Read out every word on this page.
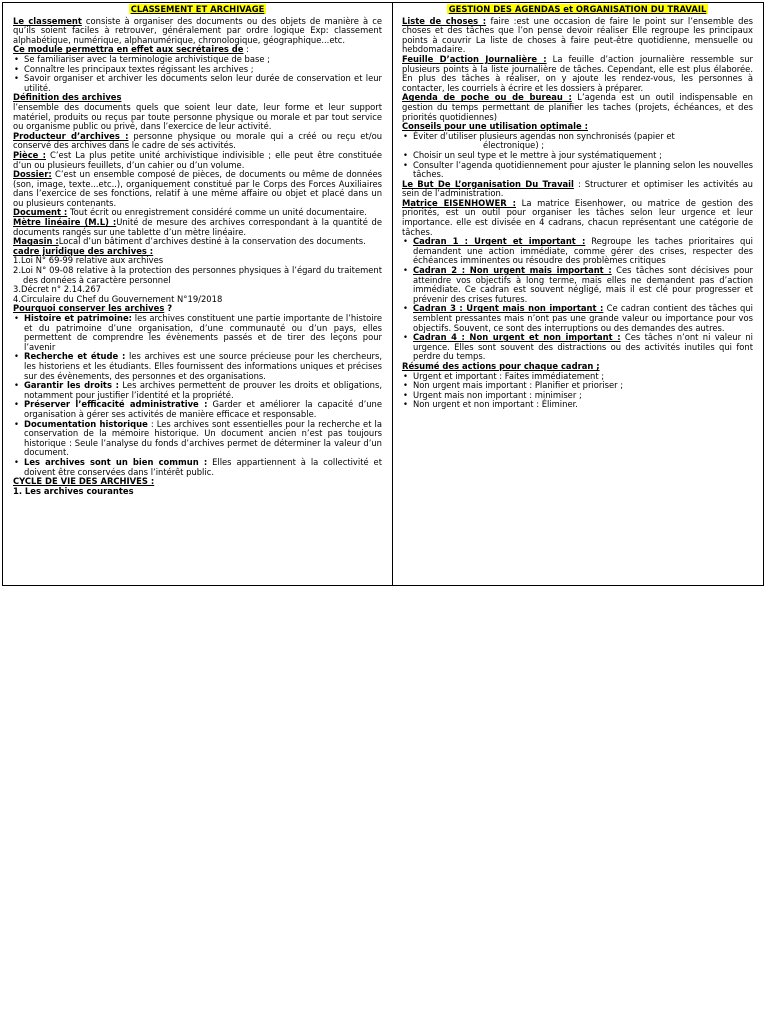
CLASSEMENT ET ARCHIVAGE

Le classement consiste à organiser des documents ou des objets de manière à ce qu’ils soient faciles à retrouver, généralement par ordre logique Exp: classement alphabétique, numérique, alphanumérique, chronologique, géographique...etc.

Ce module permettra en effet aux secrétaires de :

• Se familiariser avec la terminologie archivistique de base ;
• Connaître les principaux textes régissant les archives ;
• Savoir organiser et archiver les documents selon leur durée de conservation et leur utilité.

Définition des archives

l’ensemble des documents quels que soient leur date, leur forme et leur support matériel, produits ou reçus par toute personne physique ou morale et par tout service ou organisme public ou privé, dans l’exercice de leur activité.

Producteur d’archives : personne physique ou morale qui a créé ou reçu et/ou conservé des archives dans le cadre de ses activités.

Pièce : C’est La plus petite unité archivistique indivisible ; elle peut être constituée d’un ou plusieurs feuillets, d’un cahier ou d’un volume.

Dossier: C’est un ensemble composé de pièces, de documents ou même de données (son, image, texte...etc..), organiquement constitué par le Corps des Forces Auxiliaires dans l’exercice de ses fonctions, relatif à une même affaire ou objet et placé dans un ou plusieurs contenants.

Document : Tout écrit ou enregistrement considéré comme un unité documentaire.

Mètre linéaire (M.L) :Unité de mesure des archives correspondant à la quantité de documents rangés sur une tablette d’un mètre linéaire.

Magasin :Local d’un bâtiment d’archives destiné à la conservation des documents.

cadre juridique des archives :

1.Loi N° 69-99 relative aux archives
2.Loi N° 09-08 relative à la protection des personnes physiques à l’égard du traitement des données à caractère personnel
3.Décret n° 2.14.267
4.Circulaire du Chef du Gouvernement N°19/2018

Pourquoi conserver les archives ?

• Histoire et patrimoine: les archives constituent une partie importante de l’histoire et du patrimoine d’une organisation, d’une communauté ou d’un pays, elles permettent de comprendre les évènements passés et de tirer des leçons pour l’avenir
• Recherche et étude : les archives est une source précieuse pour les chercheurs, les historiens et les étudiants. Elles fournissent des informations uniques et précises sur des évènements, des personnes et des organisations.
• Garantir les droits : Les archives permettent de prouver les droits et obligations, notamment pour justifier l’identité et la propriété.
• Préserver l’efficacité administrative : Garder et améliorer la capacité d’une organisation à gérer ses activités de manière efficace et responsable.
• Documentation historique : Les archives sont essentielles pour la recherche et la conservation de la mémoire historique. Un document ancien n’est pas toujours historique : Seule l’analyse du fonds d’archives permet de déterminer la valeur d’un document.
• Les archives sont un bien commun : Elles appartiennent à la collectivité et doivent être conservées dans l’intérêt public.

CYCLE DE VIE DES ARCHIVES :

1. Les archives courantes

GESTION DES AGENDAS et ORGANISATION DU TRAVAIL

Liste de choses : faire :est une occasion de faire le point sur l’ensemble des choses et des tâches que l’on pense devoir réaliser Elle regroupe les principaux points à couvrir La liste de choses à faire peut-être quotidienne, mensuelle ou hebdomadaire.

Feuille D’action Journalière : La feuille d’action journalière ressemble sur plusieurs points à la liste journalière de tâches. Cependant, elle est plus élaborée. En plus des tâches à réaliser, on y ajoute les rendez-vous, les personnes à contacter, les courriels à écrire et les dossiers à préparer.

Agenda de poche ou de bureau : L’agenda est un outil indispensable en gestion du temps permettant de planifier les taches (projets, échéances, et des priorités quotidiennes)

Conseils pour une utilisation optimale :

• Éviter d’utiliser plusieurs agendas non synchronisés (papier et
électronique) ;
• Choisir un seul type et le mettre à jour systématiquement ;
• Consulter l’agenda quotidiennement pour ajuster le planning selon les nouvelles tâches.

Le But De L’organisation Du Travail : Structurer et optimiser les activités au sein de l’administration.

Matrice EISENHOWER : La matrice Eisenhower, ou matrice de gestion des priorités, est un outil pour organiser les tâches selon leur urgence et leur importance. elle est divisée en 4 cadrans, chacun représentant une catégorie de tâches.

• Cadran 1 : Urgent et important : Regroupe les taches prioritaires qui demandent une action immédiate, comme gérer des crises, respecter des échéances imminentes ou résoudre des problèmes critiques
• Cadran 2 : Non urgent mais important : Ces tâches sont décisives pour atteindre vos objectifs à long terme, mais elles ne demandent pas d’action immédiate. Ce cadran est souvent négligé, mais il est clé pour progresser et prévenir des crises futures.
• Cadran 3 : Urgent mais non important : Ce cadran contient des tâches qui semblent pressantes mais n’ont pas une grande valeur ou importance pour vos objectifs. Souvent, ce sont des interruptions ou des demandes des autres.
• Cadran 4 : Non urgent et non important : Ces tâches n’ont ni valeur ni urgence. Elles sont souvent des distractions ou des activités inutiles qui font perdre du temps.

Résumé des actions pour chaque cadran ;

• Urgent et important : Faites immédiatement ;
• Non urgent mais important : Planifier et prioriser ;
• Urgent mais non important : minimiser ;
• Non urgent et non important : Éliminer.
